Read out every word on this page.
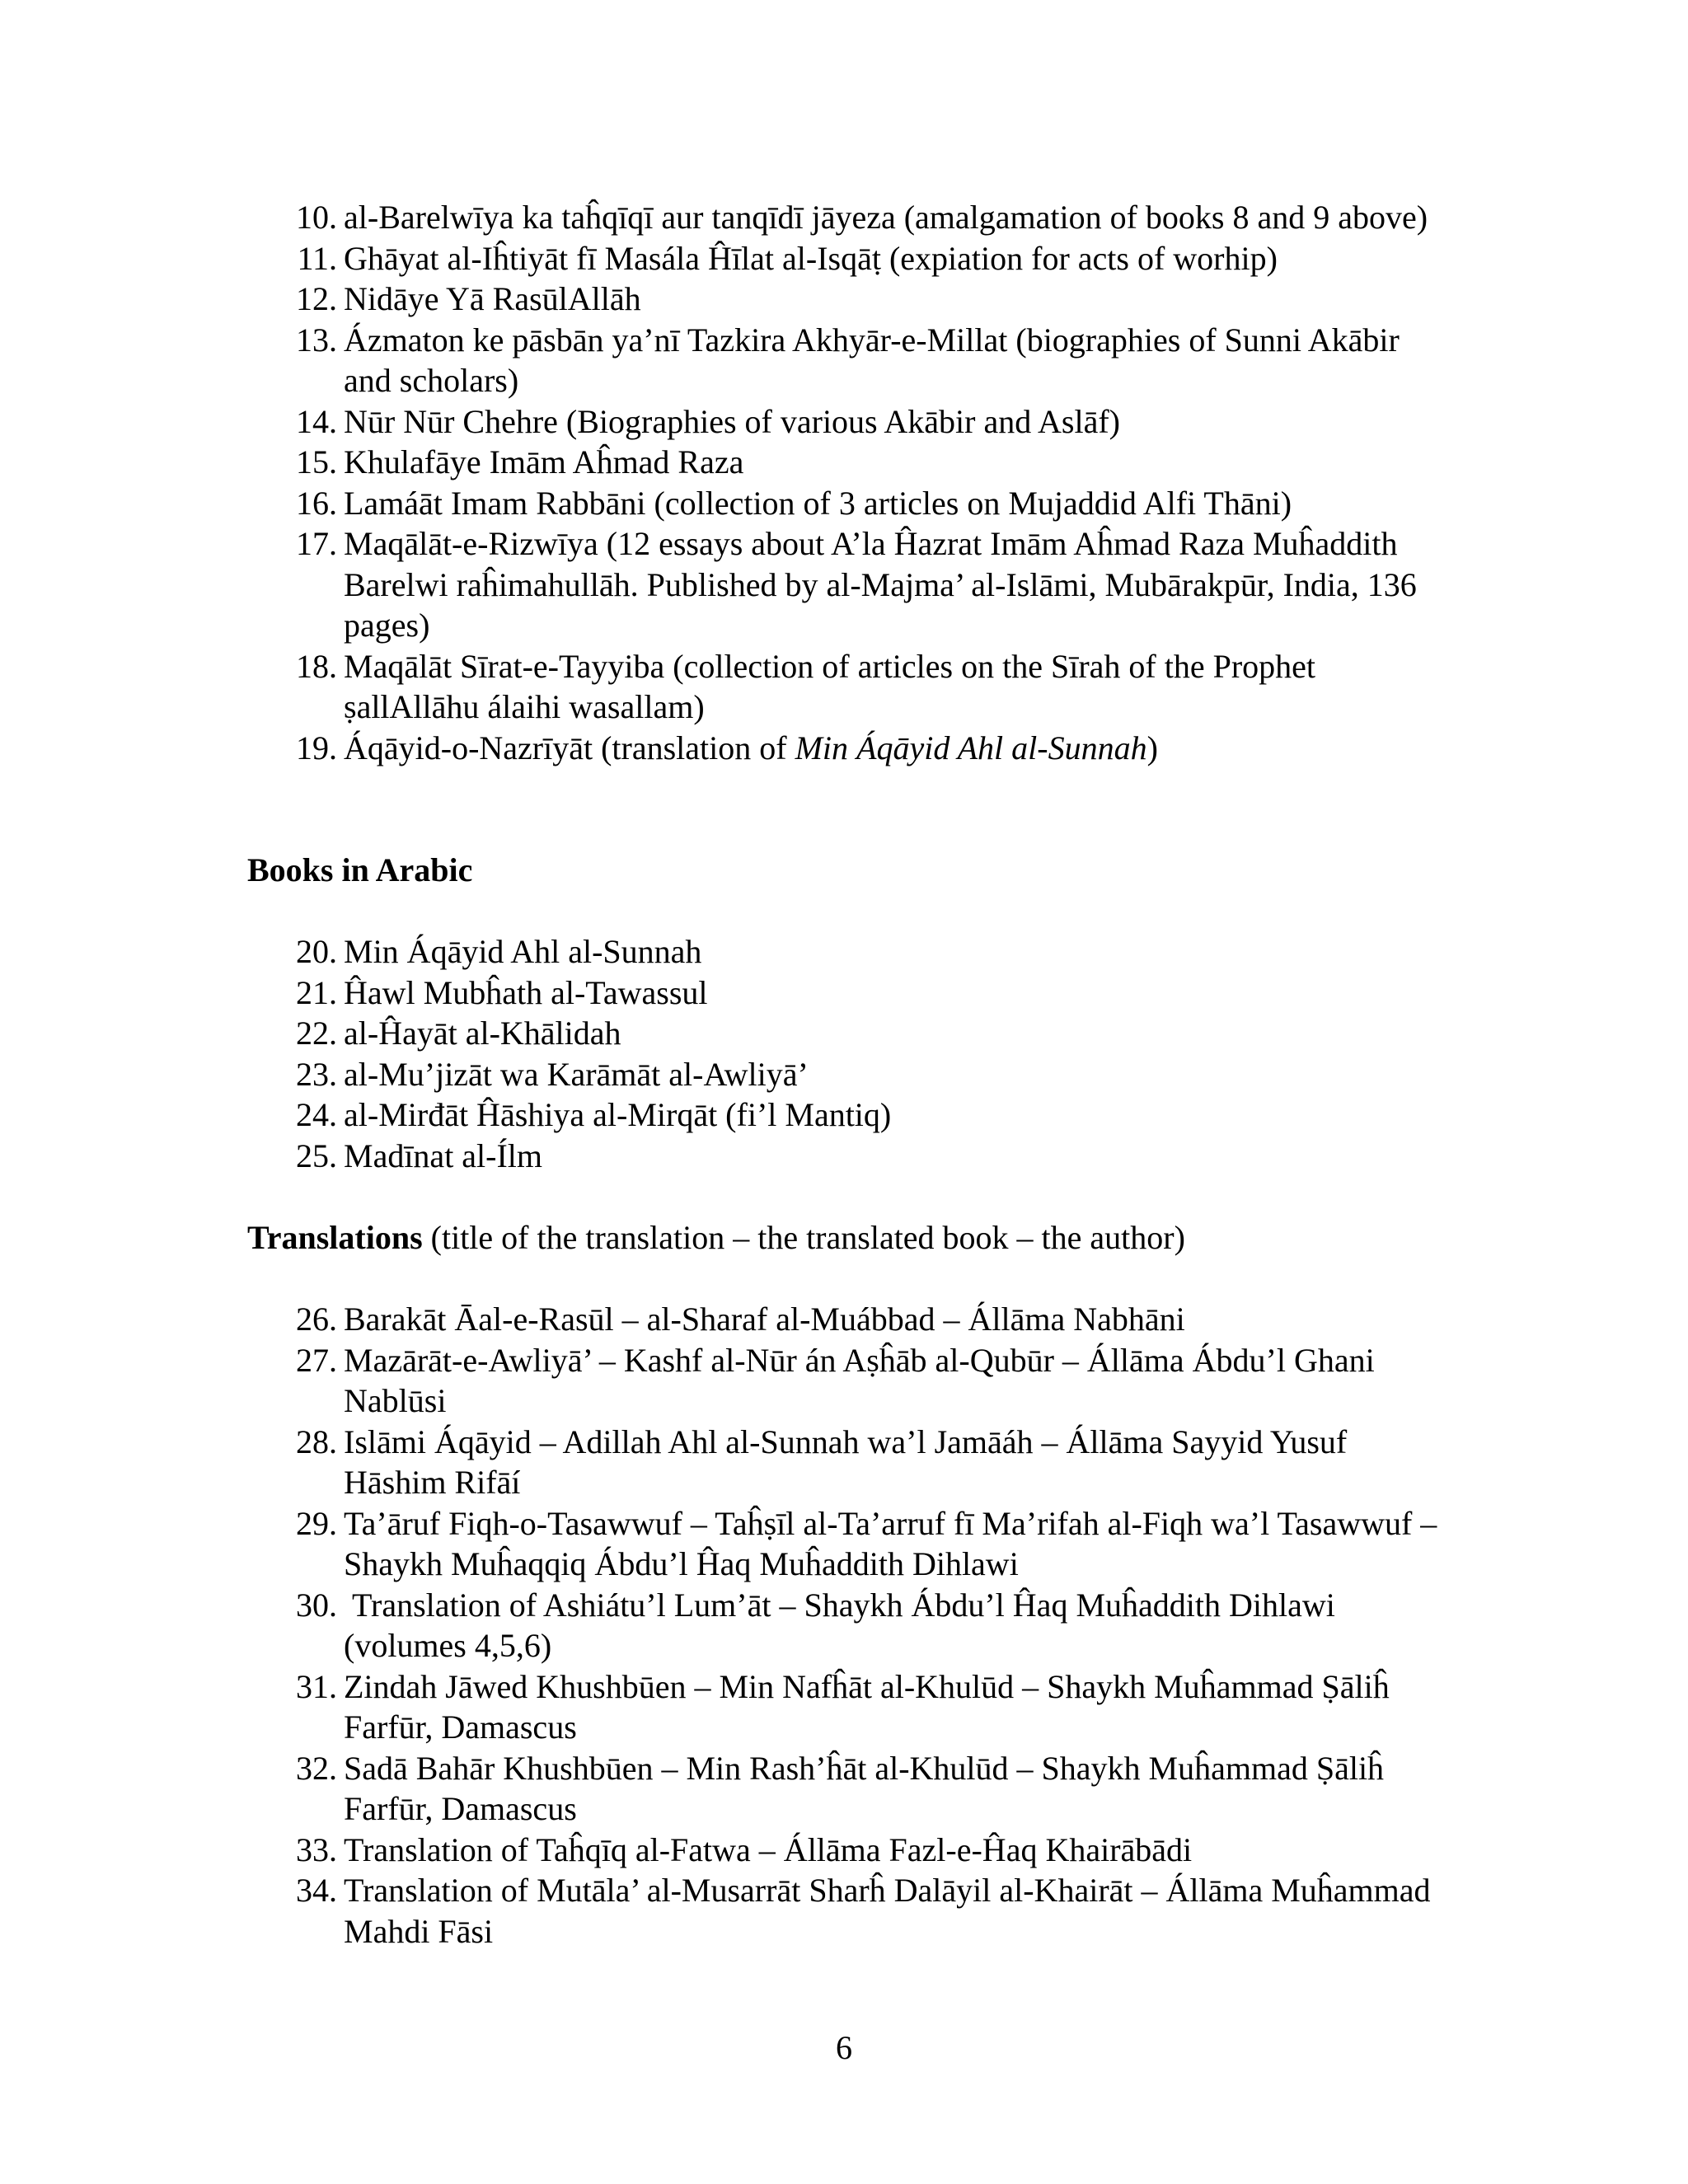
10. al-Barelwīya ka taĥqīqī aur tanqīdī jāyeza (amalgamation of books 8 and 9 above)
11. Ghāyat al-Iĥtiyāt fī Masála Ĥīlat al-Isqāṭ (expiation for acts of worhip)
12. Nidāye Yā RasūlAllāh
13. Ázmaton ke pāsbān ya’nī Tazkira Akhyār-e-Millat (biographies of Sunni Akābir and scholars)
14. Nūr Nūr Chehre (Biographies of various Akābir and Aslāf)
15. Khulafāye Imām Aĥmad Raza
16. Lamáāt Imam Rabbāni (collection of 3 articles on Mujaddid Alfi Thāni)
17. Maqālāt-e-Rizwīya (12 essays about A’la Ĥazrat Imām Aĥmad Raza Muĥaddith Barelwi raĥimahullāh. Published by al-Majma’ al-Islāmi, Mubārakpūr, India, 136 pages)
18. Maqālāt Sīrat-e-Tayyiba (collection of articles on the Sīrah of the Prophet ṣallAllāhu álaihi wasallam)
19. Áqāyid-o-Nazrīyāt (translation of Min Áqāyid Ahl al-Sunnah)
Books in Arabic
20. Min Áqāyid Ahl al-Sunnah
21. Ĥawl Mubĥath al-Tawassul
22. al-Ĥayāt al-Khālidah
23. al-Mu’jizāt wa Karāmāt al-Awliyā’
24. al-Mirđāt Ĥāshiya al-Mirqāt (fi’l Mantiq)
25. Madīnat al-Ílm
Translations (title of the translation – the translated book – the author)
26. Barakāt Āal-e-Rasūl – al-Sharaf al-Muábbad – Állāma Nabhāni
27. Mazārāt-e-Awliyā’ – Kashf al-Nūr án Aṣĥāb al-Qubūr – Állāma Ábdu’l Ghani Nablūsi
28. Islāmi Áqāyid – Adillah Ahl al-Sunnah wa’l Jamāáh – Állāma Sayyid Yusuf Hāshim Rifāí
29. Ta’āruf Fiqh-o-Tasawwuf – Taĥṣīl al-Ta’arruf fī Ma’rifah al-Fiqh wa’l Tasawwuf – Shaykh Muĥaqqiq Ábdu’l Ĥaq Muĥaddith Dihlawi
30. Translation of Ashiátu’l Lum’āt – Shaykh Ábdu’l Ĥaq Muĥaddith Dihlawi (volumes 4,5,6)
31. Zindah Jāwed Khushbūen – Min Nafĥāt al-Khulūd – Shaykh Muĥammad Ṣāliĥ Farfūr, Damascus
32. Sadā Bahār Khushbūen – Min Rash’ĥāt al-Khulūd – Shaykh Muĥammad Ṣāliĥ Farfūr, Damascus
33. Translation of Taĥqīq al-Fatwa – Állāma Fazl-e-Ĥaq Khairābādi
34. Translation of Mutāla’ al-Musarrāt Sharĥ Dalāyil al-Khairāt – Állāma Muĥammad Mahdi Fāsi
6
